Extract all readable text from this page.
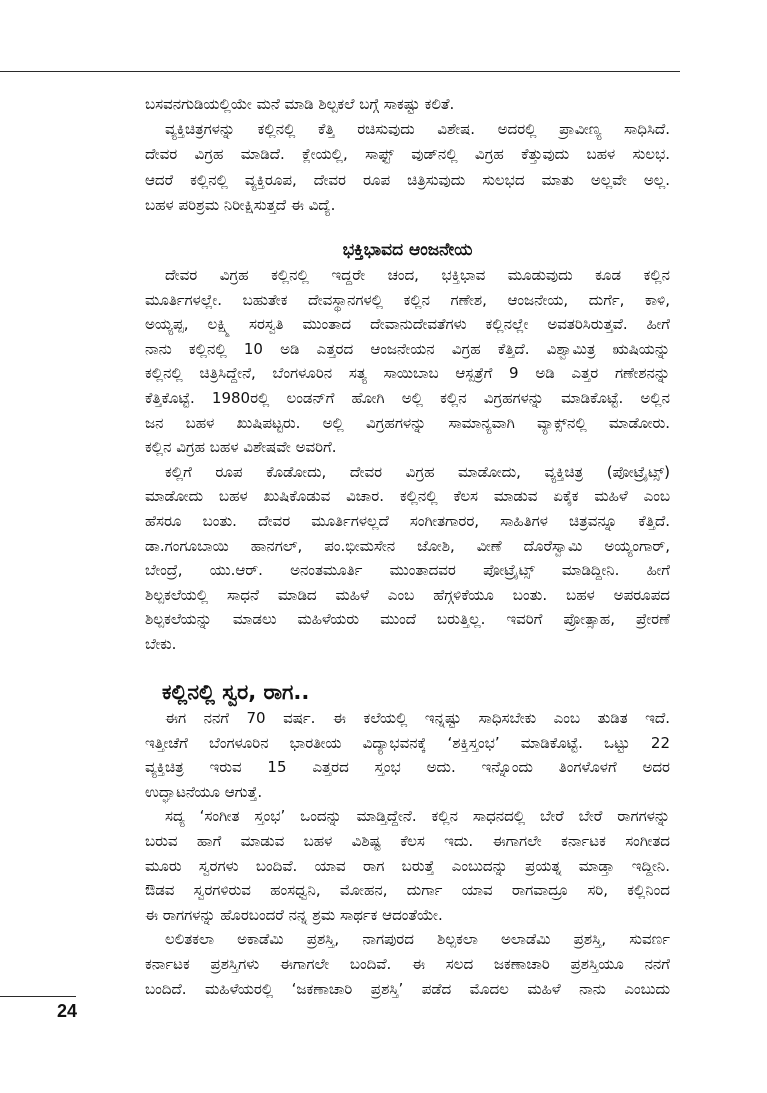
ಬಸವನಗುಡಿಯಲ್ಲಿಯೇ ಮನೆ ಮಾಡಿ ಶಿಲ್ಪಕಲೆ ಬಗ್ಗೆ ಸಾಕಷ್ಟು ಕಲಿತೆ.
ವ್ಯಕ್ತಿಚಿತ್ರಗಳನ್ನು ಕಲ್ಲಿನಲ್ಲಿ ಕೆತ್ತಿ ರಚಿಸುವುದು ವಿಶೇಷ. ಅದರಲ್ಲಿ ಪ್ರಾವೀಣ್ಯ ಸಾಧಿಸಿದೆ.
ದೇವರ ವಿಗ್ರಹ ಮಾಡಿದೆ. ಕ್ಲೇಯಲ್ಲಿ, ಸಾಫ್ಟ್ ವುಡ್‌ನಲ್ಲಿ ವಿಗ್ರಹ ಕೆತ್ತುವುದು ಬಹಳ ಸುಲಭ.
ಆದರೆ ಕಲ್ಲಿನಲ್ಲಿ ವ್ಯಕ್ತಿರೂಪ, ದೇವರ ರೂಪ ಚಿತ್ರಿಸುವುದು ಸುಲಭದ ಮಾತು ಅಲ್ಲವೇ ಅಲ್ಲ.
ಬಹಳ ಪರಿಶ್ರಮ ನಿರೀಕ್ಷಿಸುತ್ತದೆ ಈ ವಿದ್ಯೆ.
ಭಕ್ತಿಭಾವದ ಆಂಜನೇಯ
ದೇವರ ವಿಗ್ರಹ ಕಲ್ಲಿನಲ್ಲಿ ಇದ್ದರೇ ಚಂದ, ಭಕ್ತಿಭಾವ ಮೂಡುವುದು ಕೂಡ ಕಲ್ಲಿನ
ಮೂರ್ತಿಗಳಲ್ಲೇ. ಬಹುತೇಕ ದೇವಸ್ಥಾನಗಳಲ್ಲಿ ಕಲ್ಲಿನ ಗಣೇಶ, ಆಂಜನೇಯ, ದುರ್ಗೆ, ಕಾಳಿ,
ಅಯ್ಯಪ್ಪ, ಲಕ್ಷ್ಮಿ ಸರಸ್ವತಿ ಮುಂತಾದ ದೇವಾನುದೇವತೆಗಳು ಕಲ್ಲಿನಲ್ಲೇ ಅವತರಿಸಿರುತ್ತವೆ. ಹೀಗೆ
ನಾನು ಕಲ್ಲಿನಲ್ಲಿ 10 ಅಡಿ ಎತ್ತರದ ಆಂಜನೇಯನ ವಿಗ್ರಹ ಕೆತ್ತಿದೆ. ವಿಶ್ವಾಮಿತ್ರ ಋಷಿಯನ್ನು
ಕಲ್ಲಿನಲ್ಲಿ ಚಿತ್ರಿಸಿದ್ದೇನೆ, ಬೆಂಗಳೂರಿನ ಸತ್ಯ ಸಾಯಿಬಾಬ ಆಸ್ಪತ್ರೆಗೆ 9 ಅಡಿ ಎತ್ತರ ಗಣೇಶನನ್ನು
ಕೆತ್ತಿಕೊಟ್ಟೆ. 1980ರಲ್ಲಿ ಲಂಡನ್‌ಗೆ ಹೋಗಿ ಅಲ್ಲಿ ಕಲ್ಲಿನ ವಿಗ್ರಹಗಳನ್ನು ಮಾಡಿಕೊಟ್ಟೆ. ಅಲ್ಲಿನ
ಜನ ಬಹಳ ಖುಷಿಪಟ್ಟರು. ಅಲ್ಲಿ ವಿಗ್ರಹಗಳನ್ನು ಸಾಮಾನ್ಯವಾಗಿ ವ್ಯಾಕ್ಸ್‌ನಲ್ಲಿ ಮಾಡೋರು.
ಕಲ್ಲಿನ ವಿಗ್ರಹ ಬಹಳ ವಿಶೇಷವೇ ಅವರಿಗೆ.
ಕಲ್ಲಿಗೆ ರೂಪ ಕೊಡೋದು, ದೇವರ ವಿಗ್ರಹ ಮಾಡೋದು, ವ್ಯಕ್ತಿಚಿತ್ರ (ಪೋಟ್ರೈಟ್ಸ್)
ಮಾಡೋದು ಬಹಳ ಖುಷಿಕೊಡುವ ವಿಚಾರ. ಕಲ್ಲಿನಲ್ಲಿ ಕೆಲಸ ಮಾಡುವ ಏಕೈಕ ಮಹಿಳೆ ಎಂಬ
ಹೆಸರೂ ಬಂತು. ದೇವರ ಮೂರ್ತಿಗಳಲ್ಲದೆ ಸಂಗೀತಗಾರರ, ಸಾಹಿತಿಗಳ ಚಿತ್ರವನ್ನೂ ಕೆತ್ತಿದೆ.
ಡಾ.ಗಂಗೂಬಾಯಿ ಹಾನಗಲ್, ಪಂ.ಭೀಮಸೇನ ಜೋಶಿ, ವೀಣೆ ದೊರೆಸ್ವಾಮಿ ಅಯ್ಯಂಗಾರ್,
ಬೇಂದ್ರೆ, ಯು.ಆರ್. ಅನಂತಮೂರ್ತಿ ಮುಂತಾದವರ ಪೋಟ್ರೈಟ್ಸ್ ಮಾಡಿದ್ದೀನಿ. ಹೀಗೆ
ಶಿಲ್ಪಕಲೆಯಲ್ಲಿ ಸಾಧನೆ ಮಾಡಿದ ಮಹಿಳೆ ಎಂಬ ಹೆಗ್ಗಳಿಕೆಯೂ ಬಂತು. ಬಹಳ ಅಪರೂಪದ
ಶಿಲ್ಪಕಲೆಯನ್ನು ಮಾಡಲು ಮಹಿಳೆಯರು ಮುಂದೆ ಬರುತ್ತಿಲ್ಲ. ಇವರಿಗೆ ಪ್ರೋತ್ಸಾಹ, ಪ್ರೇರಣೆ
ಬೇಕು.
ಕಲ್ಲಿನಲ್ಲಿ ಸ್ವರ, ರಾಗ..
ಈಗ ನನಗೆ 70 ವರ್ಷ. ಈ ಕಲೆಯಲ್ಲಿ ಇನ್ನಷ್ಟು ಸಾಧಿಸಬೇಕು ಎಂಬ ತುಡಿತ ಇದೆ.
ಇತ್ತೀಚೆಗೆ ಬೆಂಗಳೂರಿನ ಭಾರತೀಯ ವಿದ್ಯಾಭವನಕ್ಕೆ ‘ಶಕ್ತಿಸ್ತಂಭ’ ಮಾಡಿಕೊಟ್ಟೆ. ಒಟ್ಟು 22
ವ್ಯಕ್ತಿಚಿತ್ರ ಇರುವ 15 ಎತ್ತರದ ಸ್ತಂಭ ಅದು. ಇನ್ನೊಂದು ತಿಂಗಳೊಳಗೆ ಅದರ
ಉದ್ಘಾಟನೆಯೂ ಆಗುತ್ತೆ.
ಸದ್ಯ ‘ಸಂಗೀತ ಸ್ತಂಭ’ ಒಂದನ್ನು ಮಾಡ್ತಿದ್ದೇನೆ. ಕಲ್ಲಿನ ಸಾಧನದಲ್ಲಿ ಬೇರೆ ಬೇರೆ ರಾಗಗಳನ್ನು
ಬರುವ ಹಾಗೆ ಮಾಡುವ ಬಹಳ ವಿಶಿಷ್ಟ ಕೆಲಸ ಇದು. ಈಗಾಗಲೇ ಕರ್ನಾಟಕ ಸಂಗೀತದ
ಮೂರು ಸ್ವರಗಳು ಬಂದಿವೆ. ಯಾವ ರಾಗ ಬರುತ್ತೆ ಎಂಬುದನ್ನು ಪ್ರಯತ್ನ ಮಾಡ್ತಾ ಇದ್ದೀನಿ.
ಔಡವ ಸ್ವರಗಳಿರುವ ಹಂಸಧ್ವನಿ, ಮೋಹನ, ದುರ್ಗಾ ಯಾವ ರಾಗವಾದ್ರೂ ಸರಿ, ಕಲ್ಲಿನಿಂದ
ಈ ರಾಗಗಳನ್ನು ಹೊರಬಂದರೆ ನನ್ನ ಶ್ರಮ ಸಾರ್ಥಕ ಆದಂತೆಯೇ.
ಲಲಿತಕಲಾ ಅಕಾಡೆಮಿ ಪ್ರಶಸ್ತಿ, ನಾಗಪುರದ ಶಿಲ್ಪಕಲಾ ಅಲಾಡೆಮಿ ಪ್ರಶಸ್ತಿ, ಸುವರ್ಣ
ಕರ್ನಾಟಕ ಪ್ರಶಸ್ತಿಗಳು ಈಗಾಗಲೇ ಬಂದಿವೆ. ಈ ಸಲದ ಜಕಣಾಚಾರಿ ಪ್ರಶಸ್ತಿಯೂ ನನಗೆ
ಬಂದಿದೆ. ಮಹಿಳೆಯರಲ್ಲಿ ‘ಜಕಣಾಚಾರಿ ಪ್ರಶಸ್ತಿ’ ಪಡೆದ ಮೊದಲ ಮಹಿಳೆ ನಾನು ಎಂಬುದು
24
